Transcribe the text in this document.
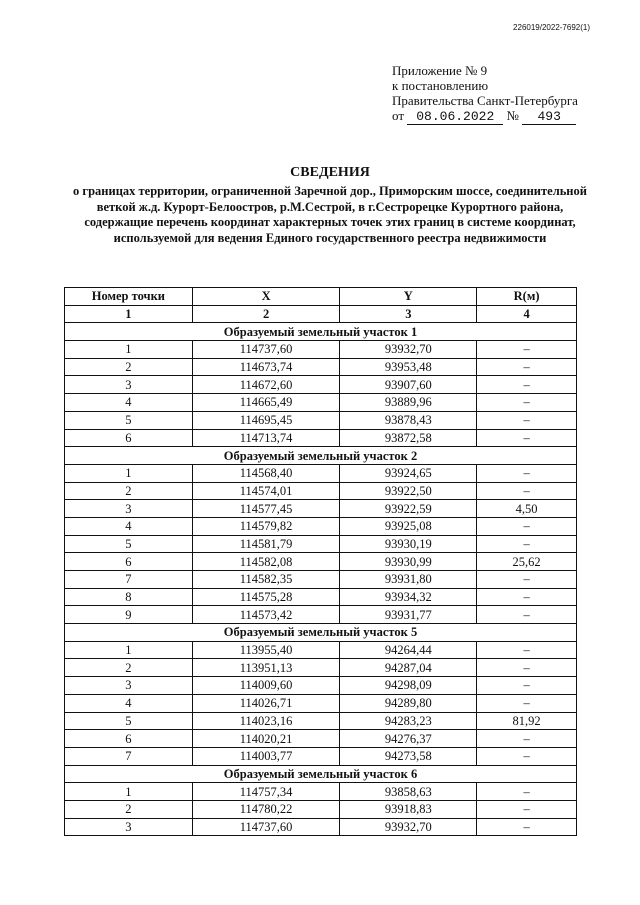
226019/2022-7692(1)
Приложение № 9
к постановлению
Правительства Санкт-Петербурга
от 08.06.2022 № 493
СВЕДЕНИЯ
о границах территории, ограниченной Заречной дор., Приморским шоссе, соединительной веткой ж.д. Курорт-Белоостров, р.М.Сестрой, в г.Сестрорецке Курортного района, содержащие перечень координат характерных точек этих границ в системе координат, используемой для ведения Единого государственного реестра недвижимости
Номер точки	X	Y	R(м)
1	2	3	4
Образуемый земельный участок 1			
1	114737,60	93932,70	–
2	114673,74	93953,48	–
3	114672,60	93907,60	–
4	114665,49	93889,96	–
5	114695,45	93878,43	–
6	114713,74	93872,58	–
Образуемый земельный участок 2			
1	114568,40	93924,65	–
2	114574,01	93922,50	–
3	114577,45	93922,59	4,50
4	114579,82	93925,08	–
5	114581,79	93930,19	–
6	114582,08	93930,99	25,62
7	114582,35	93931,80	–
8	114575,28	93934,32	–
9	114573,42	93931,77	–
Образуемый земельный участок 5			
1	113955,40	94264,44	–
2	113951,13	94287,04	–
3	114009,60	94298,09	–
4	114026,71	94289,80	–
5	114023,16	94283,23	81,92
6	114020,21	94276,37	–
7	114003,77	94273,58	–
Образуемый земельный участок 6			
1	114757,34	93858,63	–
2	114780,22	93918,83	–
3	114737,60	93932,70	–
